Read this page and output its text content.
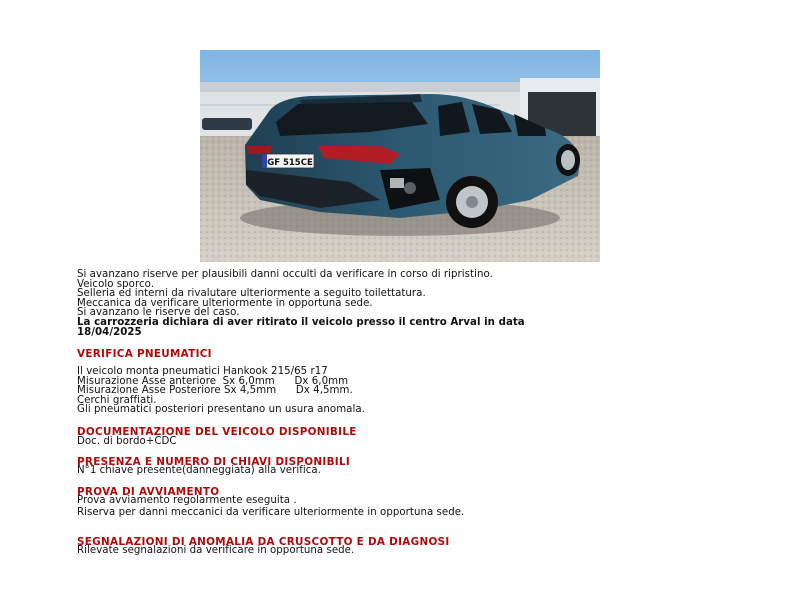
GF 515CE
Si avanzano riserve per plausibili danni occulti da verificare in corso di ripristino.
Veicolo sporco.
Selleria ed interni da rivalutare ulteriormente a seguito toilettatura.
Meccanica da verificare ulteriormente in opportuna sede.
Si avanzano le riserve del caso.
La carrozzeria dichiara di aver ritirato il veicolo presso il centro Arval in data
18/04/2025
VERIFICA PNEUMATICI
Il veicolo monta pneumatici Hankook 215/65 r17
Misurazione Asse anteriore  Sx 6,0mm      Dx 6,0mm
Misurazione Asse Posteriore Sx 4,5mm      Dx 4,5mm.
Cerchi graffiati.
Gli pneumatici posteriori presentano un usura anomala.
DOCUMENTAZIONE DEL VEICOLO DISPONIBILE
Doc. di bordo+CDC
PRESENZA E NUMERO DI CHIAVI DISPONIBILI
N°1 chiave presente(danneggiata) alla verifica.
PROVA DI AVVIAMENTO
Prova avviamento regolarmente eseguita .
Riserva per danni meccanici da verificare ulteriormente in opportuna sede.
SEGNALAZIONI DI ANOMALIA DA CRUSCOTTO E DA DIAGNOSI
Rilevate segnalazioni da verificare in opportuna sede.
